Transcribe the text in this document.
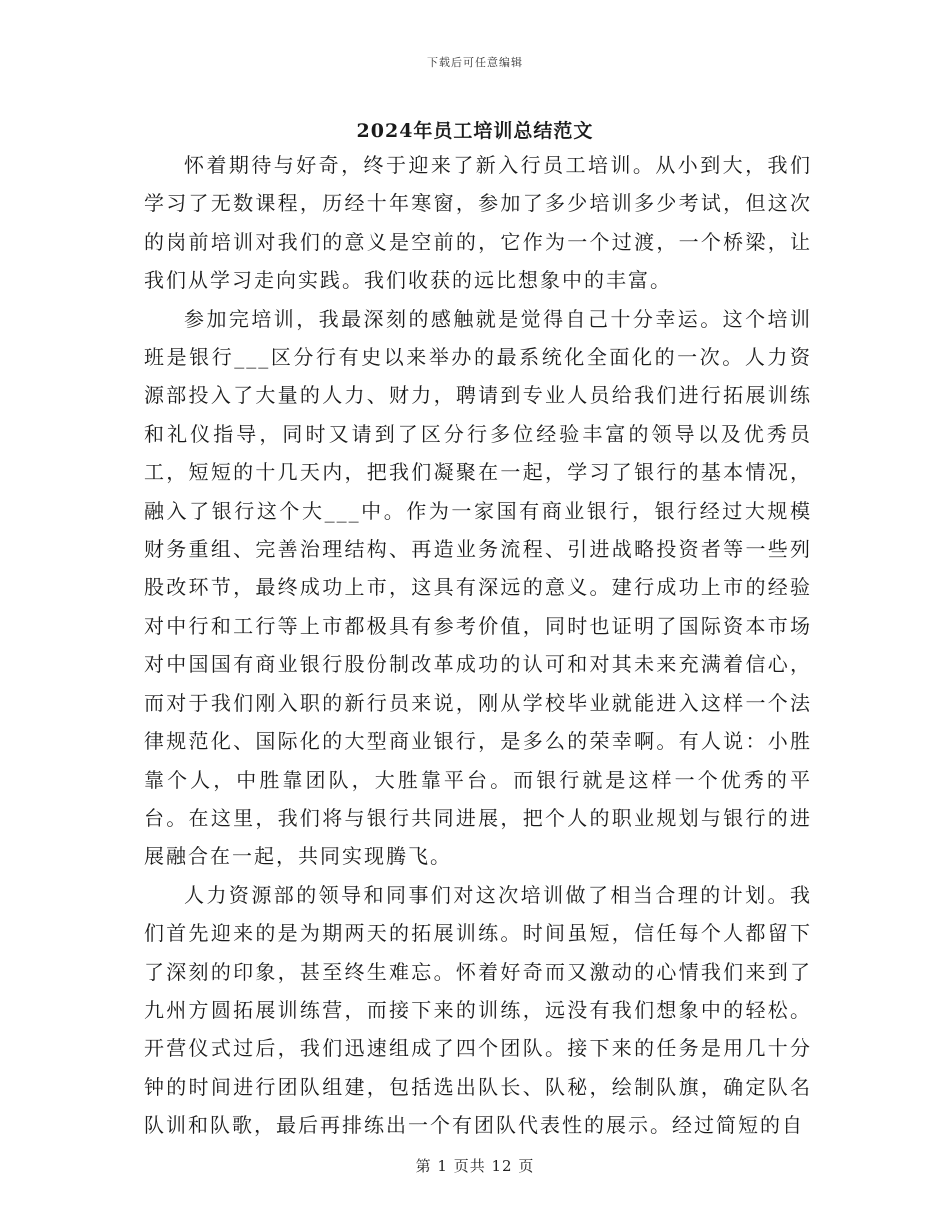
下载后可任意编辑
2024年员工培训总结范文

怀着期待与好奇，终于迎来了新入行员工培训。从小到大，我们学习了无数课程，历经十年寒窗，参加了多少培训多少考试，但这次的岗前培训对我们的意义是空前的，它作为一个过渡，一个桥梁，让我们从学习走向实践。我们收获的远比想象中的丰富。

参加完培训，我最深刻的感触就是觉得自己十分幸运。这个培训班是银行___区分行有史以来举办的最系统化全面化的一次。人力资源部投入了大量的人力、财力，聘请到专业人员给我们进行拓展训练和礼仪指导，同时又请到了区分行多位经验丰富的领导以及优秀员工，短短的十几天内，把我们凝聚在一起，学习了银行的基本情况，融入了银行这个大___中。作为一家国有商业银行，银行经过大规模财务重组、完善治理结构、再造业务流程、引进战略投资者等一些列股改环节，最终成功上市，这具有深远的意义。建行成功上市的经验对中行和工行等上市都极具有参考价值，同时也证明了国际资本市场对中国国有商业银行股份制改革成功的认可和对其未来充满着信心，而对于我们刚入职的新行员来说，刚从学校毕业就能进入这样一个法律规范化、国际化的大型商业银行，是多么的荣幸啊。有人说：小胜靠个人，中胜靠团队，大胜靠平台。而银行就是这样一个优秀的平台。在这里，我们将与银行共同进展，把个人的职业规划与银行的进展融合在一起，共同实现腾飞。

人力资源部的领导和同事们对这次培训做了相当合理的计划。我们首先迎来的是为期两天的拓展训练。时间虽短，信任每个人都留下了深刻的印象，甚至终生难忘。怀着好奇而又激动的心情我们来到了九州方圆拓展训练营，而接下来的训练，远没有我们想象中的轻松。开营仪式过后，我们迅速组成了四个团队。接下来的任务是用几十分钟的时间进行团队组建，包括选出队长、队秘，绘制队旗，确定队名队训和队歌，最后再排练出一个有团队代表性的展示。经过简短的自

第 1 页共 12 页
